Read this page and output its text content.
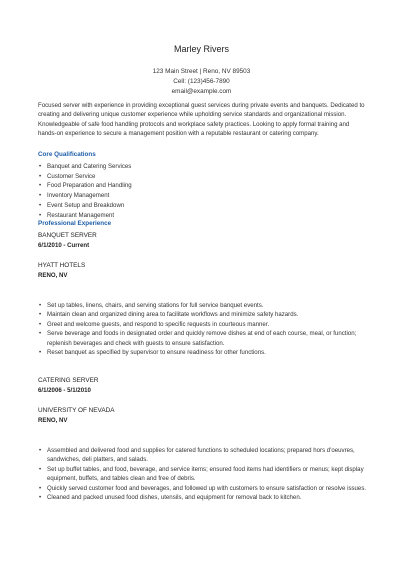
Marley Rivers
123 Main Street | Reno, NV 89503
Cell: (123)456-7890
email@example.com
Focused server with experience in providing exceptional guest services during private events and banquets. Dedicated to creating and delivering unique customer experience while upholding service standards and organizational mission. Knowledgeable of safe food handling protocols and workplace safety practices. Looking to apply formal training and hands-on experience to secure a management position with a reputable restaurant or catering company.
Core Qualifications
• Banquet and Catering Services
• Customer Service
• Food Preparation and Handling
• Inventory Management
• Event Setup and Breakdown
• Restaurant Management
Professional Experience
BANQUET SERVER
6/1/2010 - Current
HYATT HOTELS
RENO, NV
• Set up tables, linens, chairs, and serving stations for full service banquet events.
• Maintain clean and organized dining area to facilitate workflows and minimize safety hazards.
• Greet and welcome guests, and respond to specific requests in courteous manner.
• Serve beverage and foods in designated order and quickly remove dishes at end of each course, meal, or function; replenish beverages and check with guests to ensure satisfaction.
• Reset banquet as specified by supervisor to ensure readiness for other functions.
CATERING SERVER
6/1/2006 - 5/1/2010
UNIVERSITY OF NEVADA
RENO, NV
• Assembled and delivered food and supplies for catered functions to scheduled locations; prepared hors d'oeuvres, sandwiches, deli platters, and salads.
• Set up buffet tables, and food, beverage, and service items; ensured food items had identifiers or menus; kept display equipment, buffets, and tables clean and free of debris.
• Quickly served customer food and beverages, and followed up with customers to ensure satisfaction or resolve issues.
• Cleaned and packed unused food dishes, utensils, and equipment for removal back to kitchen.
